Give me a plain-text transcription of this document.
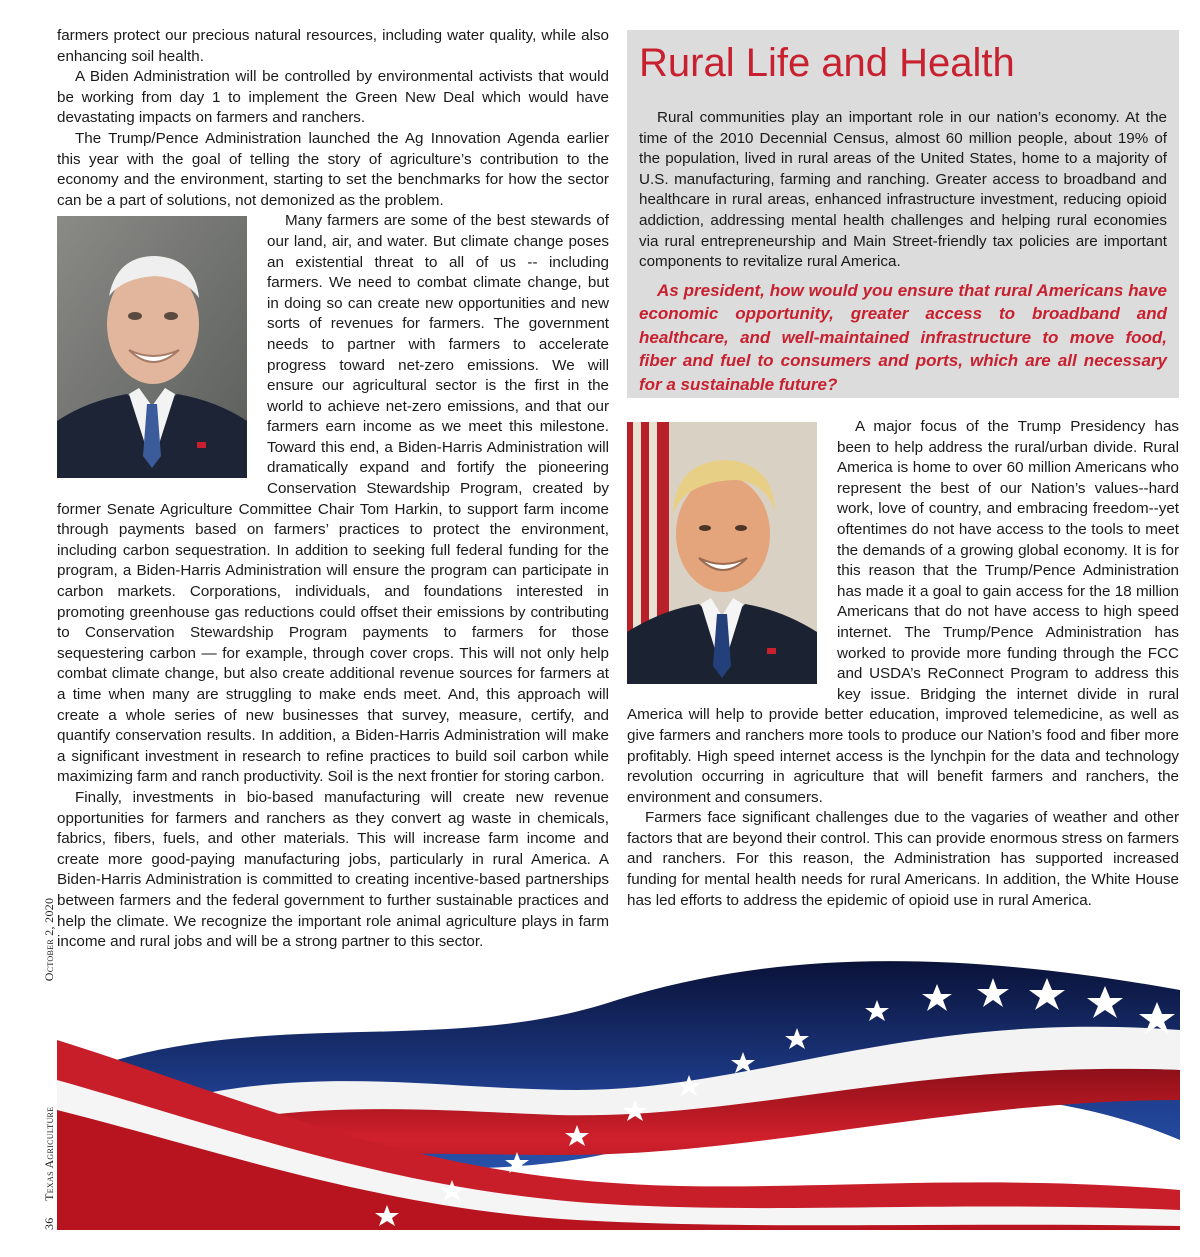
farmers protect our precious natural resources, including water quality, while also enhancing soil health.

A Biden Administration will be controlled by environmental activists that would be working from day 1 to implement the Green New Deal which would have devastating impacts on farmers and ranchers.

The Trump/Pence Administration launched the Ag Innovation Agenda earlier this year with the goal of telling the story of agriculture’s contribution to the economy and the environment, starting to set the benchmarks for how the sector can be a part of solutions, not demonized as the problem.

Many farmers are some of the best stewards of our land, air, and water. But climate change poses an existential threat to all of us -- including farmers. We need to combat climate change, but in doing so can create new opportunities and new sorts of revenues for farmers. The government needs to partner with farmers to accelerate progress toward net-zero emissions. We will ensure our agricultural sector is the first in the world to achieve net-zero emissions, and that our farmers earn income as we meet this milestone. Toward this end, a Biden-Harris Administration will dramatically expand and fortify the pioneering Conservation Stewardship Program, created by former Senate Agriculture Committee Chair Tom Harkin, to support farm income through payments based on farmers’ practices to protect the environment, including carbon sequestration. In addition to seeking full federal funding for the program, a Biden-Harris Administration will ensure the program can participate in carbon markets. Corporations, individuals, and foundations interested in promoting greenhouse gas reductions could offset their emissions by contributing to Conservation Stewardship Program payments to farmers for those sequestering carbon — for example, through cover crops. This will not only help combat climate change, but also create additional revenue sources for farmers at a time when many are struggling to make ends meet. And, this approach will create a whole series of new businesses that survey, measure, certify, and quantify conservation results. In addition, a Biden-Harris Administration will make a significant investment in research to refine practices to build soil carbon while maximizing farm and ranch productivity. Soil is the next frontier for storing carbon.

Finally, investments in bio-based manufacturing will create new revenue opportunities for farmers and ranchers as they convert ag waste in chemicals, fabrics, fibers, fuels, and other materials. This will increase farm income and create more good-paying manufacturing jobs, particularly in rural America. A Biden-Harris Administration is committed to creating incentive-based partnerships between farmers and the federal government to further sustainable practices and help the climate. We recognize the important role animal agriculture plays in farm income and rural jobs and will be a strong partner to this sector.

Rural Life and Health

Rural communities play an important role in our nation’s economy. At the time of the 2010 Decennial Census, almost 60 million people, about 19% of the population, lived in rural areas of the United States, home to a majority of U.S. manufacturing, farming and ranching. Greater access to broadband and healthcare in rural areas, enhanced infrastructure investment, reducing opioid addiction, addressing mental health challenges and helping rural economies via rural entrepreneurship and Main Street-friendly tax policies are important components to revitalize rural America.

As president, how would you ensure that rural Americans have economic opportunity, greater access to broadband and healthcare, and well-maintained infrastructure to move food, fiber and fuel to consumers and ports, which are all necessary for a sustainable future?

A major focus of the Trump Presidency has been to help address the rural/urban divide. Rural America is home to over 60 million Americans who represent the best of our Nation’s values--hard work, love of country, and embracing freedom--yet oftentimes do not have access to the tools to meet the demands of a growing global economy. It is for this reason that the Trump/Pence Administration has made it a goal to gain access for the 18 million Americans that do not have access to high speed internet. The Trump/Pence Administration has worked to provide more funding through the FCC and USDA’s ReConnect Program to address this key issue. Bridging the internet divide in rural America will help to provide better education, improved telemedicine, as well as give farmers and ranchers more tools to produce our Nation’s food and fiber more profitably. High speed internet access is the lynchpin for the data and technology revolution occurring in agriculture that will benefit farmers and ranchers, the environment and consumers.

Farmers face significant challenges due to the vagaries of weather and other factors that are beyond their control. This can provide enormous stress on farmers and ranchers. For this reason, the Administration has supported increased funding for mental health needs for rural Americans. In addition, the White House has led efforts to address the epidemic of opioid use in rural America.

36     Texas Agriculture                                      October 2, 2020
